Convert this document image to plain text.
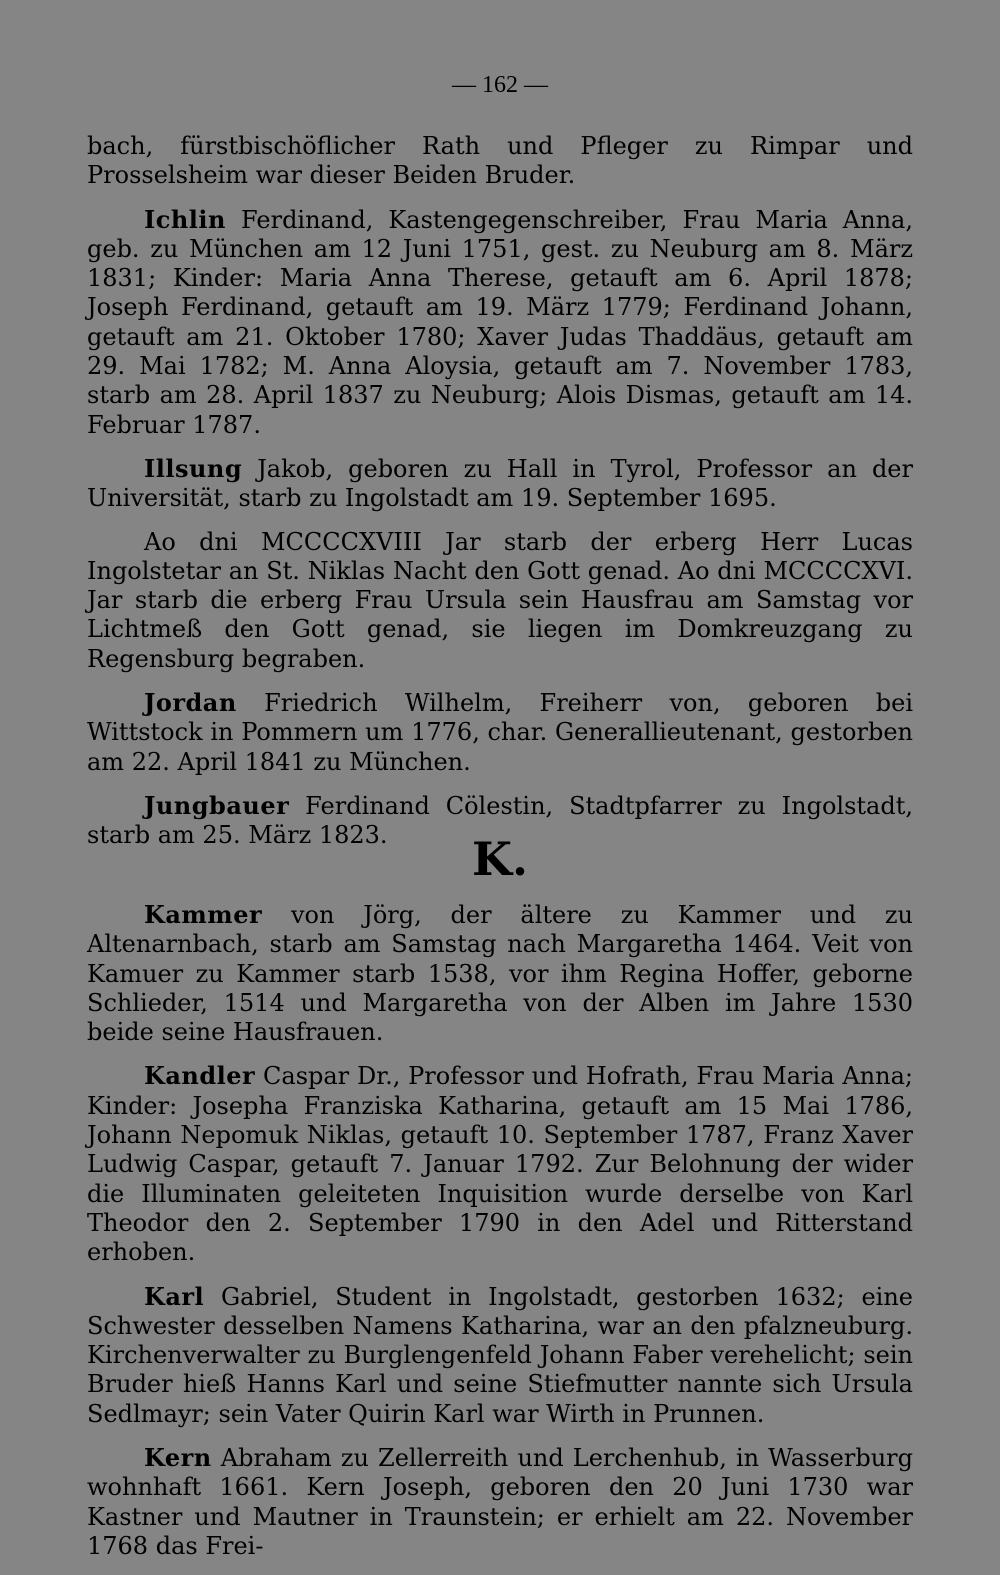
— 162 —

bach, fürstbischöflicher Rath und Pfleger zu Rimpar und Prosselsheim war dieser Beiden Bruder.

Ichlin Ferdinand, Kastengegenschreiber, Frau Maria Anna, geb. zu München am 12 Juni 1751, gest. zu Neuburg am 8. März 1831; Kinder: Maria Anna Therese, getauft am 6. April 1878; Joseph Ferdinand, getauft am 19. März 1779; Ferdinand Johann, getauft am 21. Oktober 1780; Xaver Judas Thaddäus, getauft am 29. Mai 1782; M. Anna Aloysia, getauft am 7. November 1783, starb am 28. April 1837 zu Neuburg; Alois Dismas, getauft am 14. Februar 1787.

Illsung Jakob, geboren zu Hall in Tyrol, Professor an der Universität, starb zu Ingolstadt am 19. September 1695.

Ao dni MCCCCXVIII Jar starb der erberg Herr Lucas Ingolstetar an St. Niklas Nacht den Gott genad. Ao dni MCCCCXVI. Jar starb die erberg Frau Ursula sein Hausfrau am Samstag vor Lichtmeß den Gott genad, sie liegen im Domkreuzgang zu Regensburg begraben.

Jordan Friedrich Wilhelm, Freiherr von, geboren bei Wittstock in Pommern um 1776, char. Generallieutenant, gestorben am 22. April 1841 zu München.

Jungbauer Ferdinand Cölestin, Stadtpfarrer zu Ingolstadt, starb am 25. März 1823.	K.

Kammer von Jörg, der ältere zu Kammer und zu Altenarnbach, starb am Samstag nach Margaretha 1464. Veit von Kamuer zu Kammer starb 1538, vor ihm Regina Hoffer, geborne Schlieder, 1514 und Margaretha von der Alben im Jahre 1530 beide seine Hausfrauen.

Kandler Caspar Dr., Professor und Hofrath, Frau Maria Anna; Kinder: Josepha Franziska Katharina, getauft am 15 Mai 1786, Johann Nepomuk Niklas, getauft 10. September 1787, Franz Xaver Ludwig Caspar, getauft 7. Januar 1792. Zur Belohnung der wider die Illuminaten geleiteten Inquisition wurde derselbe von Karl Theodor den 2. September 1790 in den Adel und Ritterstand erhoben.

Karl Gabriel, Student in Ingolstadt, gestorben 1632; eine Schwester desselben Namens Katharina, war an den pfalzneuburg. Kirchenverwalter zu Burglengenfeld Johann Faber verehelicht; sein Bruder hieß Hanns Karl und seine Stiefmutter nannte sich Ursula Sedlmayr; sein Vater Quirin Karl war Wirth in Prunnen.

Kern Abraham zu Zellerreith und Lerchenhub, in Wasserburg wohnhaft 1661. Kern Joseph, geboren den 20 Juni 1730 war Kastner und Mautner in Traunstein; er erhielt am 22. November 1768 das Frei-
